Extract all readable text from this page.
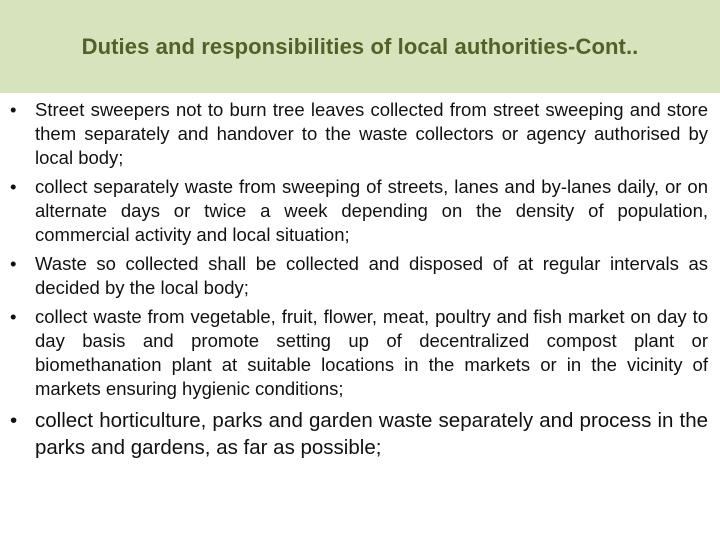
Duties and responsibilities of local authorities-Cont..
• Street sweepers not to burn tree leaves collected from street sweeping and store them separately and handover to the waste collectors or agency authorised by local body;
• collect separately waste from sweeping of streets, lanes and by-lanes daily, or on alternate days or twice a week depending on the density of population, commercial activity and local situation;
• Waste so collected shall be collected and disposed of at regular intervals as decided by the local body;
• collect waste from vegetable, fruit, flower, meat, poultry and fish market on day to day basis and promote setting up of decentralized compost plant or biomethanation plant at suitable locations in the markets or in the vicinity of markets ensuring hygienic conditions;
• collect horticulture, parks and garden waste separately and process in the parks and gardens, as far as possible;
